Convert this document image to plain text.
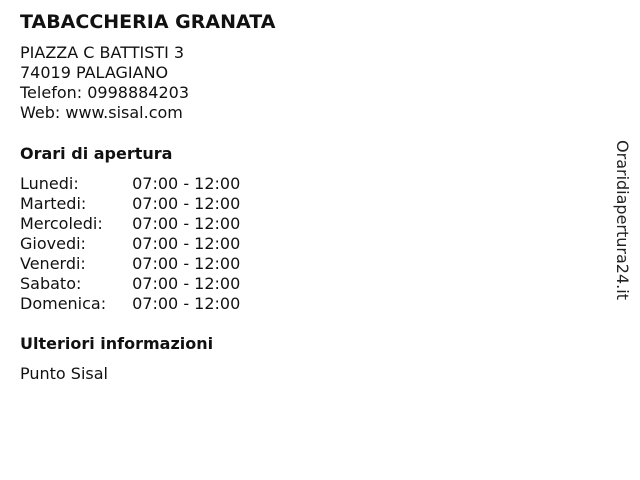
TABACCHERIA GRANATA
PIAZZA C BATTISTI 3
74019 PALAGIANO
Telefon: 0998884203
Web: www.sisal.com
Orari di apertura
Lunedi:	07:00 - 12:00
Martedi:	07:00 - 12:00
Mercoledi:	07:00 - 12:00
Giovedi:	07:00 - 12:00
Venerdi:	07:00 - 12:00
Sabato:	07:00 - 12:00
Domenica:	07:00 - 12:00
Ulteriori informazioni
Punto Sisal
Oraridiapertura24.it
